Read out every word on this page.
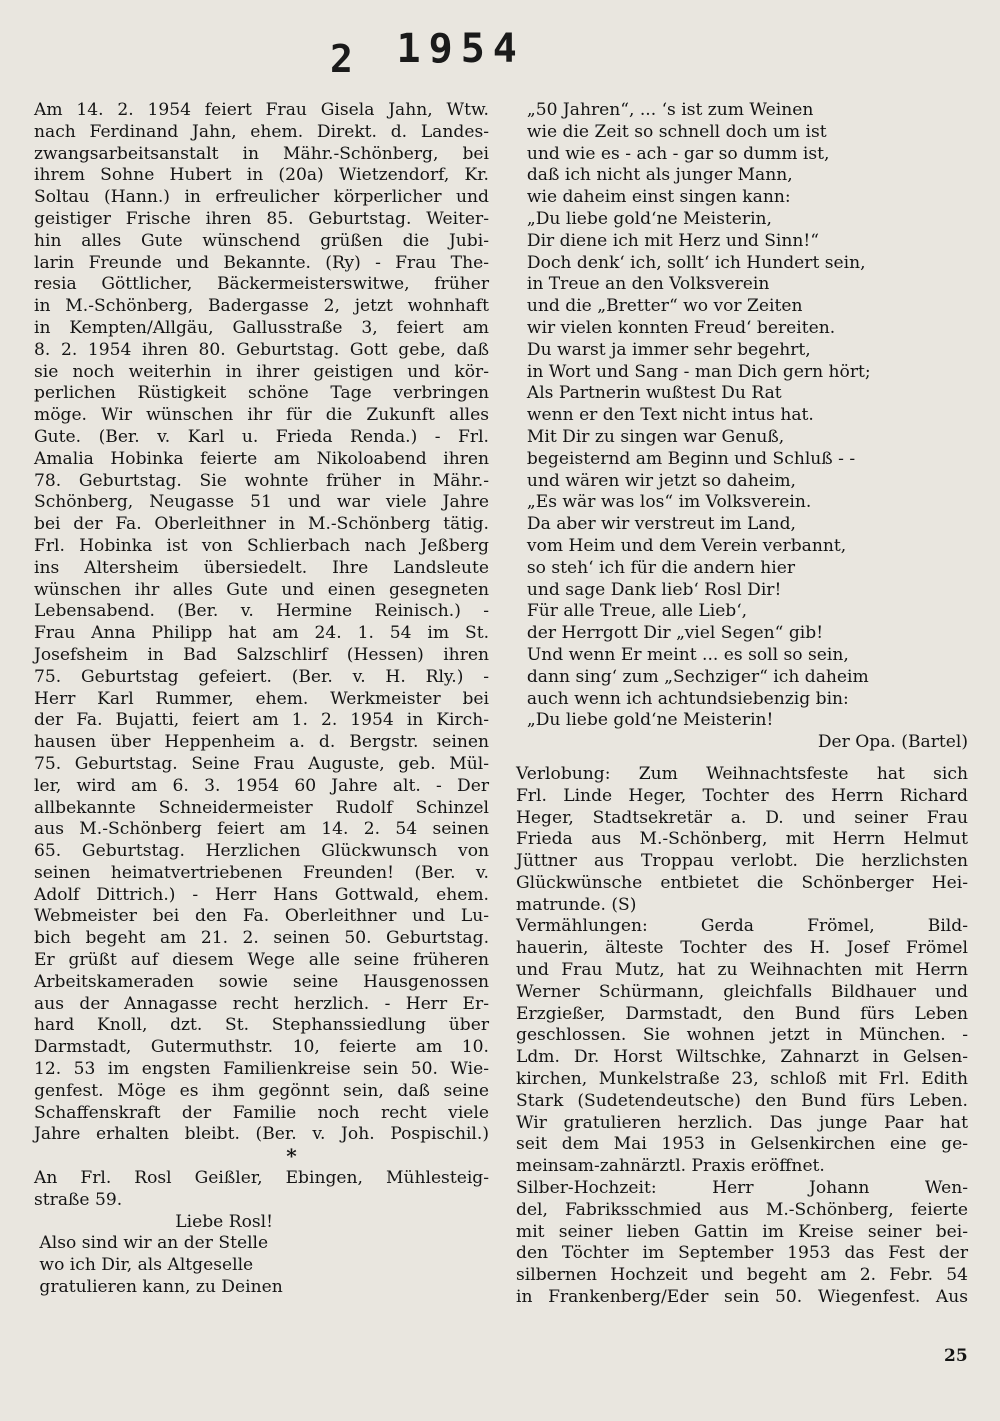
2 1954
Am 14. 2. 1954 feiert Frau Gisela Jahn, Wtw.
nach Ferdinand Jahn, ehem. Direkt. d. Landes-
zwangsarbeitsanstalt in Mähr.-Schönberg, bei
ihrem Sohne Hubert in (20a) Wietzendorf, Kr.
Soltau (Hann.) in erfreulicher körperlicher und
geistiger Frische ihren 85. Geburtstag. Weiter-
hin alles Gute wünschend grüßen die Jubi-
larin Freunde und Bekannte. (Ry) - Frau The-
resia Göttlicher, Bäckermeisterswitwe, früher
in M.-Schönberg, Badergasse 2, jetzt wohnhaft
in Kempten/Allgäu, Gallusstraße 3, feiert am
8. 2. 1954 ihren 80. Geburtstag. Gott gebe, daß
sie noch weiterhin in ihrer geistigen und kör-
perlichen Rüstigkeit schöne Tage verbringen
möge. Wir wünschen ihr für die Zukunft alles
Gute. (Ber. v. Karl u. Frieda Renda.) - Frl.
Amalia Hobinka feierte am Nikoloabend ihren
78. Geburtstag. Sie wohnte früher in Mähr.-
Schönberg, Neugasse 51 und war viele Jahre
bei der Fa. Oberleithner in M.-Schönberg tätig.
Frl. Hobinka ist von Schlierbach nach Jeßberg
ins Altersheim übersiedelt. Ihre Landsleute
wünschen ihr alles Gute und einen gesegneten
Lebensabend. (Ber. v. Hermine Reinisch.) -
Frau Anna Philipp hat am 24. 1. 54 im St.
Josefsheim in Bad Salzschlirf (Hessen) ihren
75. Geburtstag gefeiert. (Ber. v. H. Rly.) -
Herr Karl Rummer, ehem. Werkmeister bei
der Fa. Bujatti, feiert am 1. 2. 1954 in Kirch-
hausen über Heppenheim a. d. Bergstr. seinen
75. Geburtstag. Seine Frau Auguste, geb. Mül-
ler, wird am 6. 3. 1954 60 Jahre alt. - Der
allbekannte Schneidermeister Rudolf Schinzel
aus M.-Schönberg feiert am 14. 2. 54 seinen
65. Geburtstag. Herzlichen Glückwunsch von
seinen heimatvertriebenen Freunden! (Ber. v.
Adolf Dittrich.) - Herr Hans Gottwald, ehem.
Webmeister bei den Fa. Oberleithner und Lu-
bich begeht am 21. 2. seinen 50. Geburtstag.
Er grüßt auf diesem Wege alle seine früheren
Arbeitskameraden sowie seine Hausgenossen
aus der Annagasse recht herzlich. - Herr Er-
hard Knoll, dzt. St. Stephanssiedlung über
Darmstadt, Gutermuthstr. 10, feierte am 10.
12. 53 im engsten Familienkreise sein 50. Wie-
genfest. Möge es ihm gegönnt sein, daß seine
Schaffenskraft der Familie noch recht viele
Jahre erhalten bleibt. (Ber. v. Joh. Pospischil.)
*
An Frl. Rosl Geißler, Ebingen, Mühlesteig-
straße 59.
Liebe Rosl!
Also sind wir an der Stelle
wo ich Dir, als Altgeselle
gratulieren kann, zu Deinen
„50 Jahren“, ... ‘s ist zum Weinen
wie die Zeit so schnell doch um ist
und wie es - ach - gar so dumm ist,
daß ich nicht als junger Mann,
wie daheim einst singen kann:
„Du liebe gold‘ne Meisterin,
Dir diene ich mit Herz und Sinn!“
Doch denk‘ ich, sollt‘ ich Hundert sein,
in Treue an den Volksverein
und die „Bretter“ wo vor Zeiten
wir vielen konnten Freud‘ bereiten.
Du warst ja immer sehr begehrt,
in Wort und Sang - man Dich gern hört;
Als Partnerin wußtest Du Rat
wenn er den Text nicht intus hat.
Mit Dir zu singen war Genuß,
begeisternd am Beginn und Schluß - -
und wären wir jetzt so daheim,
„Es wär was los“ im Volksverein.
Da aber wir verstreut im Land,
vom Heim und dem Verein verbannt,
so steh‘ ich für die andern hier
und sage Dank lieb‘ Rosl Dir!
Für alle Treue, alle Lieb‘,
der Herrgott Dir „viel Segen“ gib!
Und wenn Er meint ... es soll so sein,
dann sing‘ zum „Sechziger“ ich daheim
auch wenn ich achtundsiebenzig bin:
„Du liebe gold‘ne Meisterin!
Der Opa. (Bartel)
Verlobung: Zum Weihnachtsfeste hat sich
Frl. Linde Heger, Tochter des Herrn Richard
Heger, Stadtsekretär a. D. und seiner Frau
Frieda aus M.-Schönberg, mit Herrn Helmut
Jüttner aus Troppau verlobt. Die herzlichsten
Glückwünsche entbietet die Schönberger Hei-
matrunde. (S)
Vermählungen: Gerda Frömel, Bild-
hauerin, älteste Tochter des H. Josef Frömel
und Frau Mutz, hat zu Weihnachten mit Herrn
Werner Schürmann, gleichfalls Bildhauer und
Erzgießer, Darmstadt, den Bund fürs Leben
geschlossen. Sie wohnen jetzt in München. -
Ldm. Dr. Horst Wiltschke, Zahnarzt in Gelsen-
kirchen, Munkelstraße 23, schloß mit Frl. Edith
Stark (Sudetendeutsche) den Bund fürs Leben.
Wir gratulieren herzlich. Das junge Paar hat
seit dem Mai 1953 in Gelsenkirchen eine ge-
meinsam-zahnärztl. Praxis eröffnet.
Silber-Hochzeit: Herr Johann Wen-
del, Fabriksschmied aus M.-Schönberg, feierte
mit seiner lieben Gattin im Kreise seiner bei-
den Töchter im September 1953 das Fest der
silbernen Hochzeit und begeht am 2. Febr. 54
in Frankenberg/Eder sein 50. Wiegenfest. Aus
25
